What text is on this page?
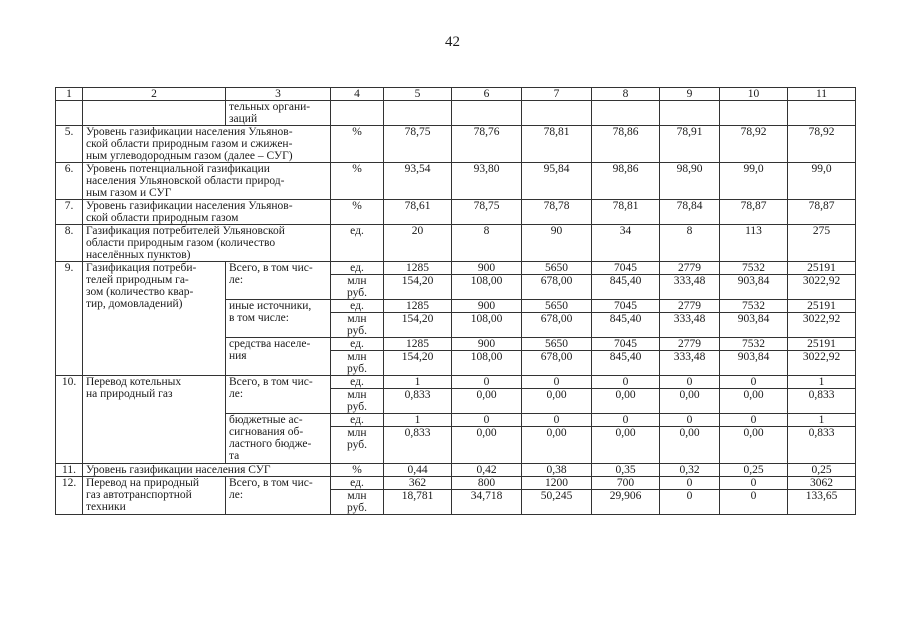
42
1	2	3	4	5	6	7	8	9	10	11
		тельных органи-
заций								
5.	Уровень газификации населения Ульянов-
ской области природным газом и сжижен-
ным углеводородным газом (далее – СУГ)		%	78,75	78,76	78,81	78,86	78,91	78,92	78,92
6.	Уровень потенциальной газификации
населения Ульяновской области природ-
ным газом и СУГ		%	93,54	93,80	95,84	98,86	98,90	99,0	99,0
7.	Уровень газификации населения Ульянов-
ской области природным газом		%	78,61	78,75	78,78	78,81	78,84	78,87	78,87
8.	Газификация потребителей Ульяновской
области природным газом (количество
населённых пунктов)		ед.	20	8	90	34	8	113	275
9.	Газификация потреби-
телей природным га-
зом (количество квар-
тир, домовладений)	Всего, в том чис-
ле:	ед.	1285	900	5650	7045	2779	7532	25191
			млн
руб.	154,20	108,00	678,00	845,40	333,48	903,84	3022,92
		иные источники,
в том числе:	ед.	1285	900	5650	7045	2779	7532	25191
			млн
руб.	154,20	108,00	678,00	845,40	333,48	903,84	3022,92
		средства населе-
ния	ед.	1285	900	5650	7045	2779	7532	25191
			млн
руб.	154,20	108,00	678,00	845,40	333,48	903,84	3022,92
10.	Перевод котельных
на природный газ	Всего, в том чис-
ле:	ед.	1	0	0	0	0	0	1
			млн
руб.	0,833	0,00	0,00	0,00	0,00	0,00	0,833
		бюджетные ас-
сигнования об-
ластного бюдже-
та	ед.	1	0	0	0	0	0	1
			млн
руб.	0,833	0,00	0,00	0,00	0,00	0,00	0,833
11.	Уровень газификации населения СУГ		%	0,44	0,42	0,38	0,35	0,32	0,25	0,25
12.	Перевод на природный
газ автотранспортной
техники	Всего, в том чис-
ле:	ед.	362	800	1200	700	0	0	3062
			млн
руб.	18,781	34,718	50,245	29,906	0	0	133,65
